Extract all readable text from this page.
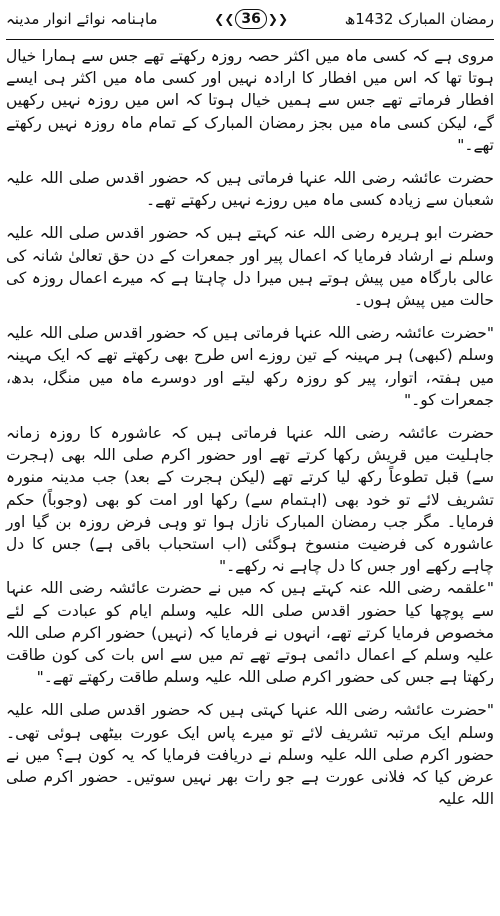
ماہنامہ نوائے انوار مدینہ	❮❮ 36 ❯❯	رمضان المبارک 1432ھ

مروی ہے کہ کسی ماہ میں اکثر حصہ روزہ رکھتے تھے جس سے ہمارا خیال ہوتا تھا کہ اس میں افطار کا ارادہ نہیں اور کسی ماہ میں اکثر ہی ایسے افطار فرماتے تھے جس سے ہمیں خیال ہوتا کہ اس میں روزہ نہیں رکھیں گے، لیکن کسی ماہ میں بجز رمضان المبارک کے تمام ماہ روزہ نہیں رکھتے تھے۔"

حضرت عائشہ رضی اللہ عنہا فرماتی ہیں کہ حضور اقدس صلی اللہ علیہ شعبان سے زیادہ کسی ماہ میں روزے نہیں رکھتے تھے۔

حضرت ابو ہریرہ رضی اللہ عنہ کہتے ہیں کہ حضور اقدس صلی اللہ علیہ وسلم نے ارشاد فرمایا کہ اعمال پیر اور جمعرات کے دن حق تعالیٰ شانہ کی عالی بارگاہ میں پیش ہوتے ہیں میرا دل چاہتا ہے کہ میرے اعمال روزہ کی حالت میں پیش ہوں۔

"حضرت عائشہ رضی اللہ عنہا فرماتی ہیں کہ حضور اقدس صلی اللہ علیہ وسلم (کبھی) ہر مہینہ کے تین روزے اس طرح بھی رکھتے تھے کہ ایک مہینہ میں ہفتہ، اتوار، پیر کو روزہ رکھ لیتے اور دوسرے ماہ میں منگل، بدھ، جمعرات کو۔"

حضرت عائشہ رضی اللہ عنہا فرماتی ہیں کہ عاشورہ کا روزہ زمانہ جاہلیت میں قریش رکھا کرتے تھے اور حضور اکرم صلی اللہ بھی (ہجرت سے) قبل تطوعاً رکھ لیا کرتے تھے (لیکن ہجرت کے بعد) جب مدینہ منورہ تشریف لائے تو خود بھی (اہتمام سے) رکھا اور امت کو بھی (وجوباً) حکم فرمایا۔ مگر جب رمضان المبارک نازل ہوا تو وہی فرض روزہ بن گیا اور عاشورہ کی فرضیت منسوخ ہوگئی (اب استحباب باقی ہے) جس کا دل چاہے رکھے اور جس کا دل چاہے نہ رکھے۔"

"علقمہ رضی اللہ عنہ کہتے ہیں کہ میں نے حضرت عائشہ رضی اللہ عنہا سے پوچھا کیا حضور اقدس صلی اللہ علیہ وسلم ایام کو عبادت کے لئے مخصوص فرمایا کرتے تھے، انہوں نے فرمایا کہ (نہیں) حضور اکرم صلی اللہ علیہ وسلم کے اعمال دائمی ہوتے تھے تم میں سے اس بات کی کون طاقت رکھتا ہے جس کی حضور اکرم صلی اللہ علیہ وسلم طاقت رکھتے تھے۔"

"حضرت عائشہ رضی اللہ عنہا کہتی ہیں کہ حضور اقدس صلی اللہ علیہ وسلم ایک مرتبہ تشریف لائے تو میرے پاس ایک عورت بیٹھی ہوئی تھی۔ حضور اکرم صلی اللہ علیہ وسلم نے دریافت فرمایا کہ یہ کون ہے؟ میں نے عرض کیا کہ فلانی عورت ہے جو رات بھر نہیں سوتیں۔ حضور اکرم صلی اللہ علیہ
